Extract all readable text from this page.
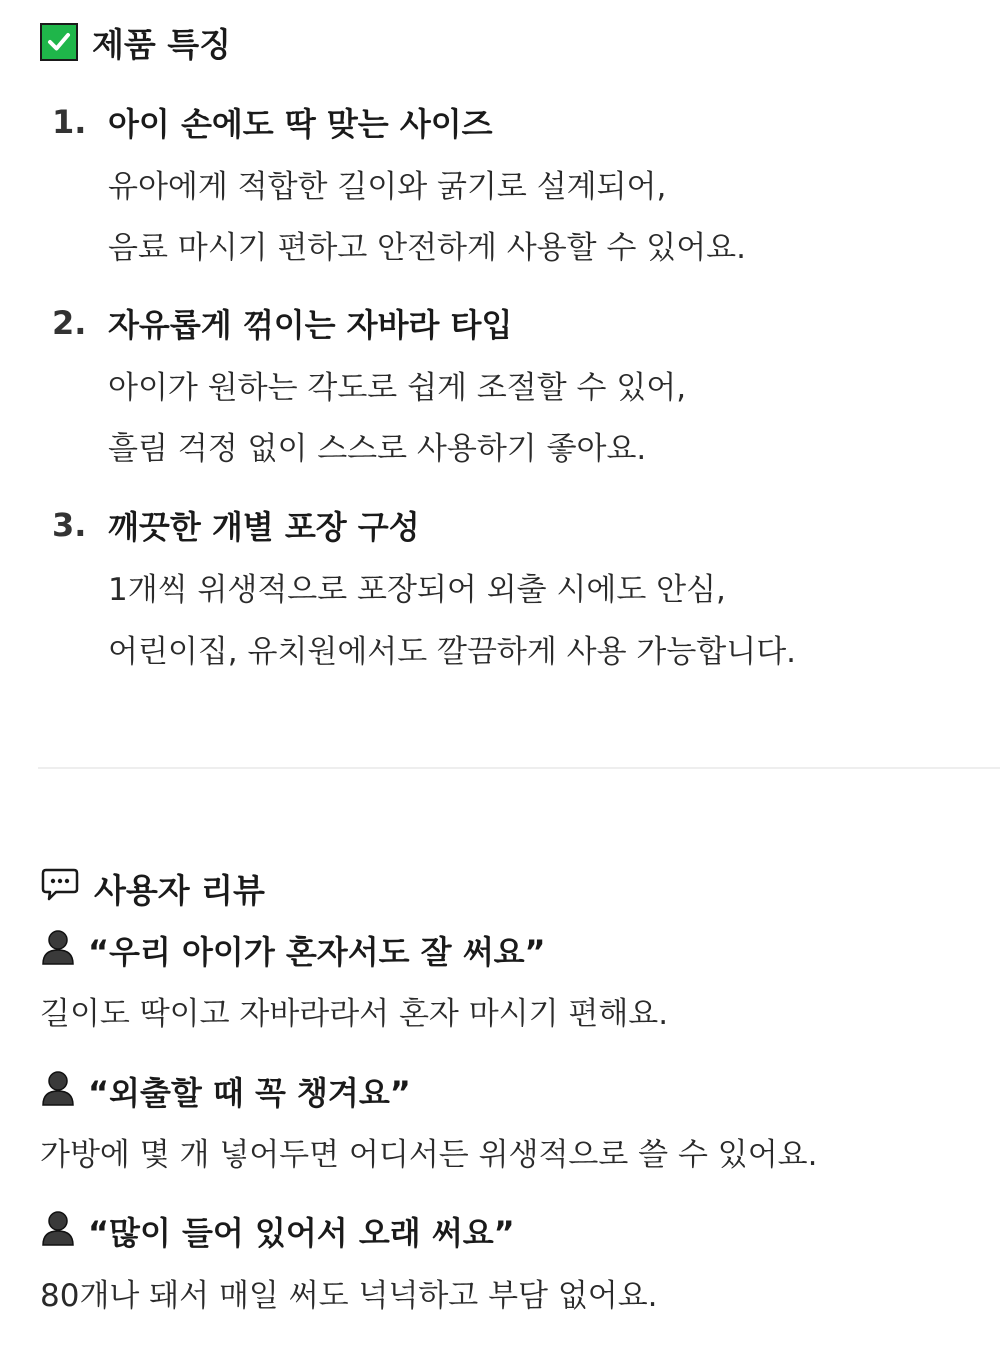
제품 특징
1. 아이 손에도 딱 맞는 사이즈
유아에게 적합한 길이와 굵기로 설계되어,
음료 마시기 편하고 안전하게 사용할 수 있어요.
2. 자유롭게 꺾이는 자바라 타입
아이가 원하는 각도로 쉽게 조절할 수 있어,
흘림 걱정 없이 스스로 사용하기 좋아요.
3. 깨끗한 개별 포장 구성
1개씩 위생적으로 포장되어 외출 시에도 안심,
어린이집, 유치원에서도 깔끔하게 사용 가능합니다.
사용자 리뷰
“우리 아이가 혼자서도 잘 써요”
길이도 딱이고 자바라라서 혼자 마시기 편해요.
“외출할 때 꼭 챙겨요”
가방에 몇 개 넣어두면 어디서든 위생적으로 쓸 수 있어요.
“많이 들어 있어서 오래 써요”
80개나 돼서 매일 써도 넉넉하고 부담 없어요.
